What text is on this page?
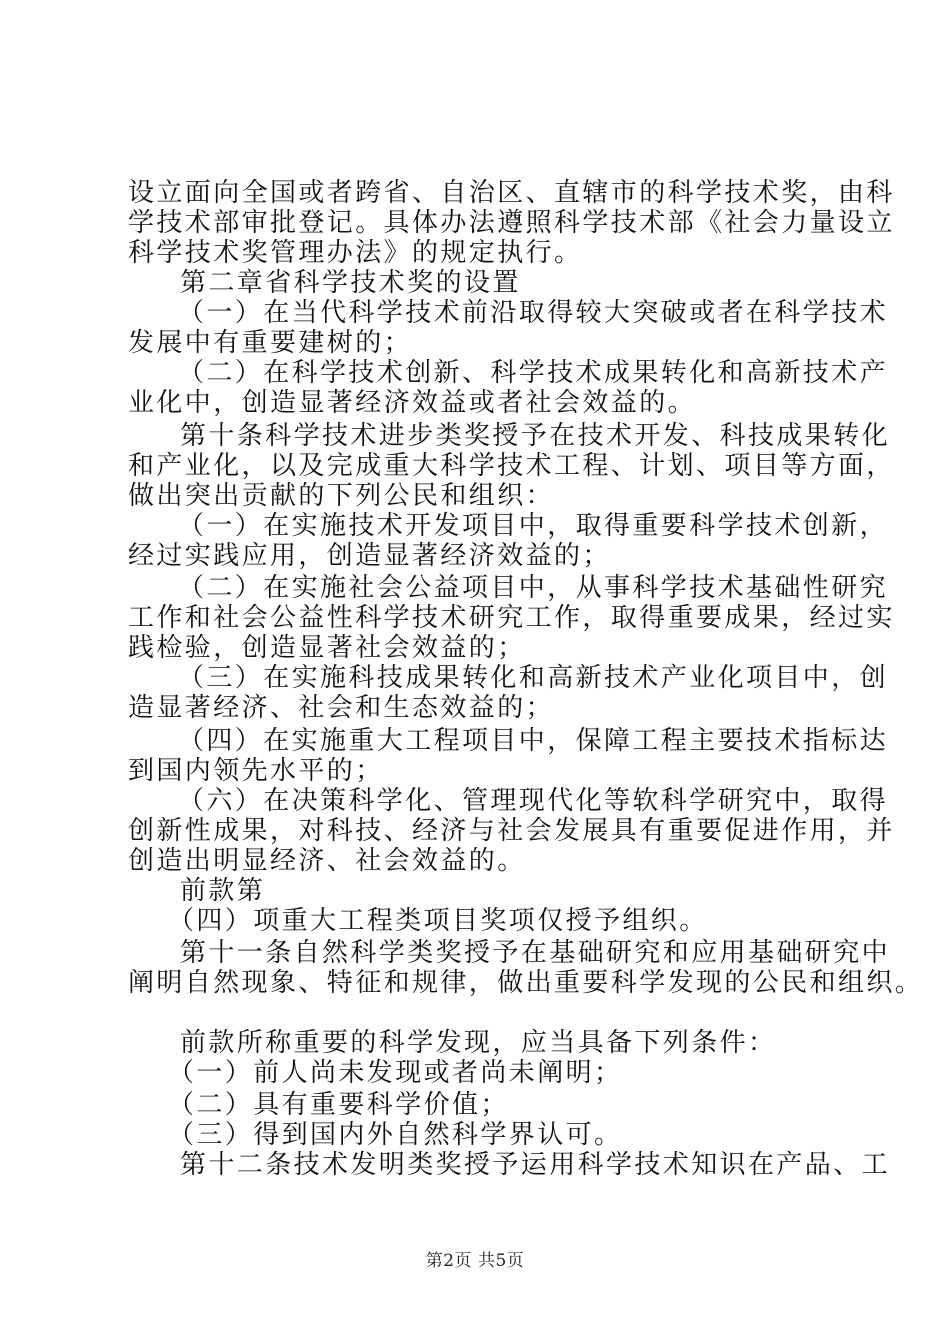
设立面向全国或者跨省、自治区、直辖市的科学技术奖，由科
学技术部审批登记。具体办法遵照科学技术部《社会力量设立
科学技术奖管理办法》的规定执行。
第二章省科学技术奖的设置
（一）在当代科学技术前沿取得较大突破或者在科学技术
发展中有重要建树的；
（二）在科学技术创新、科学技术成果转化和高新技术产
业化中，创造显著经济效益或者社会效益的。
第十条科学技术进步类奖授予在技术开发、科技成果转化
和产业化，以及完成重大科学技术工程、计划、项目等方面，
做出突出贡献的下列公民和组织：
（一）在实施技术开发项目中，取得重要科学技术创新，
经过实践应用，创造显著经济效益的；
（二）在实施社会公益项目中，从事科学技术基础性研究
工作和社会公益性科学技术研究工作，取得重要成果，经过实
践检验，创造显著社会效益的；
（三）在实施科技成果转化和高新技术产业化项目中，创
造显著经济、社会和生态效益的；
（四）在实施重大工程项目中，保障工程主要技术指标达
到国内领先水平的；
（六）在决策科学化、管理现代化等软科学研究中，取得
创新性成果，对科技、经济与社会发展具有重要促进作用，并
创造出明显经济、社会效益的。
前款第
（四）项重大工程类项目奖项仅授予组织。
第十一条自然科学类奖授予在基础研究和应用基础研究中
阐明自然现象、特征和规律，做出重要科学发现的公民和组织。
前款所称重要的科学发现，应当具备下列条件：
（一）前人尚未发现或者尚未阐明；
（二）具有重要科学价值；
（三）得到国内外自然科学界认可。
第十二条技术发明类奖授予运用科学技术知识在产品、工
第2页 共5页
